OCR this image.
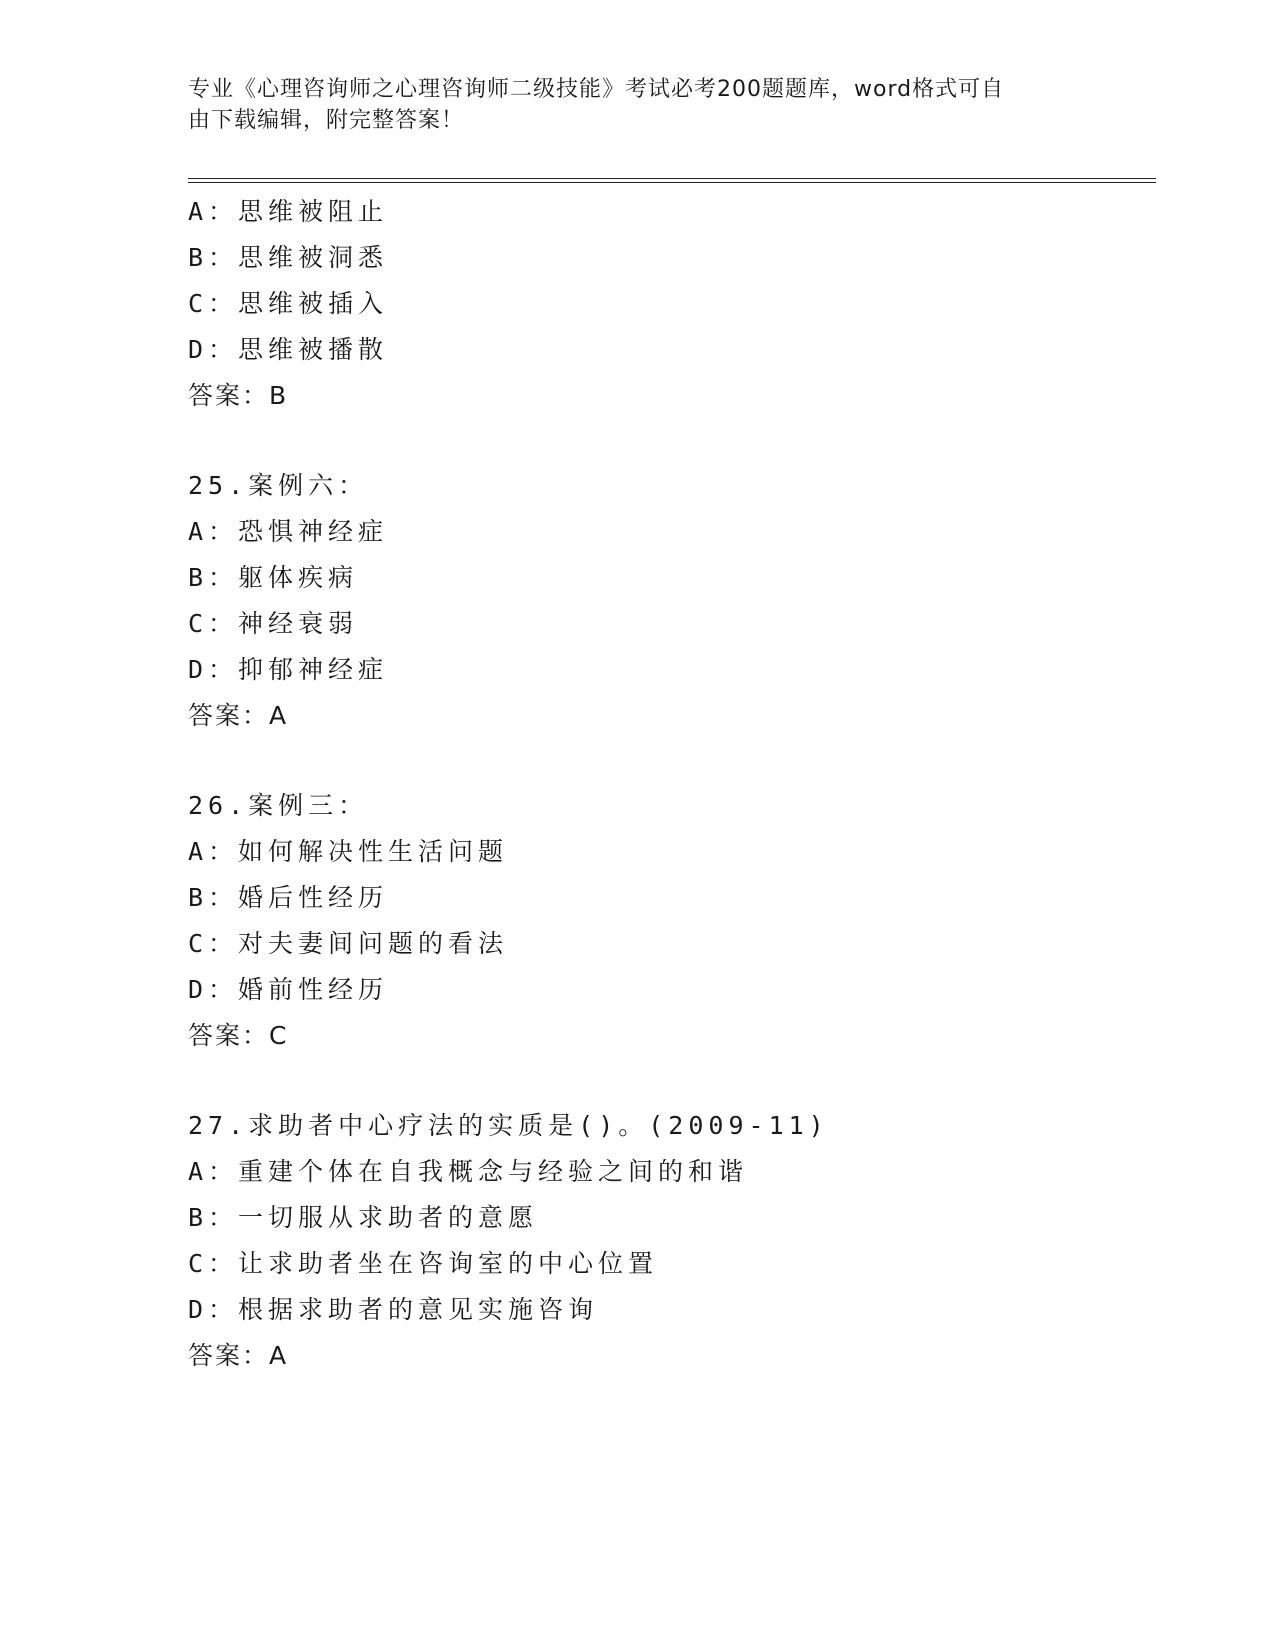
专业《心理咨询师之心理咨询师二级技能》考试必考200题题库，word格式可自
由下载编辑，附完整答案！
A：思维被阻止
B：思维被洞悉
C：思维被插入
D：思维被播散
答案：B
25.案例六：
A：恐惧神经症
B：躯体疾病
C：神经衰弱
D：抑郁神经症
答案：A
26.案例三：
A：如何解决性生活问题
B：婚后性经历
C：对夫妻间问题的看法
D：婚前性经历
答案：C
27.求助者中心疗法的实质是()。(2009-11)
A：重建个体在自我概念与经验之间的和谐
B：一切服从求助者的意愿
C：让求助者坐在咨询室的中心位置
D：根据求助者的意见实施咨询
答案：A
